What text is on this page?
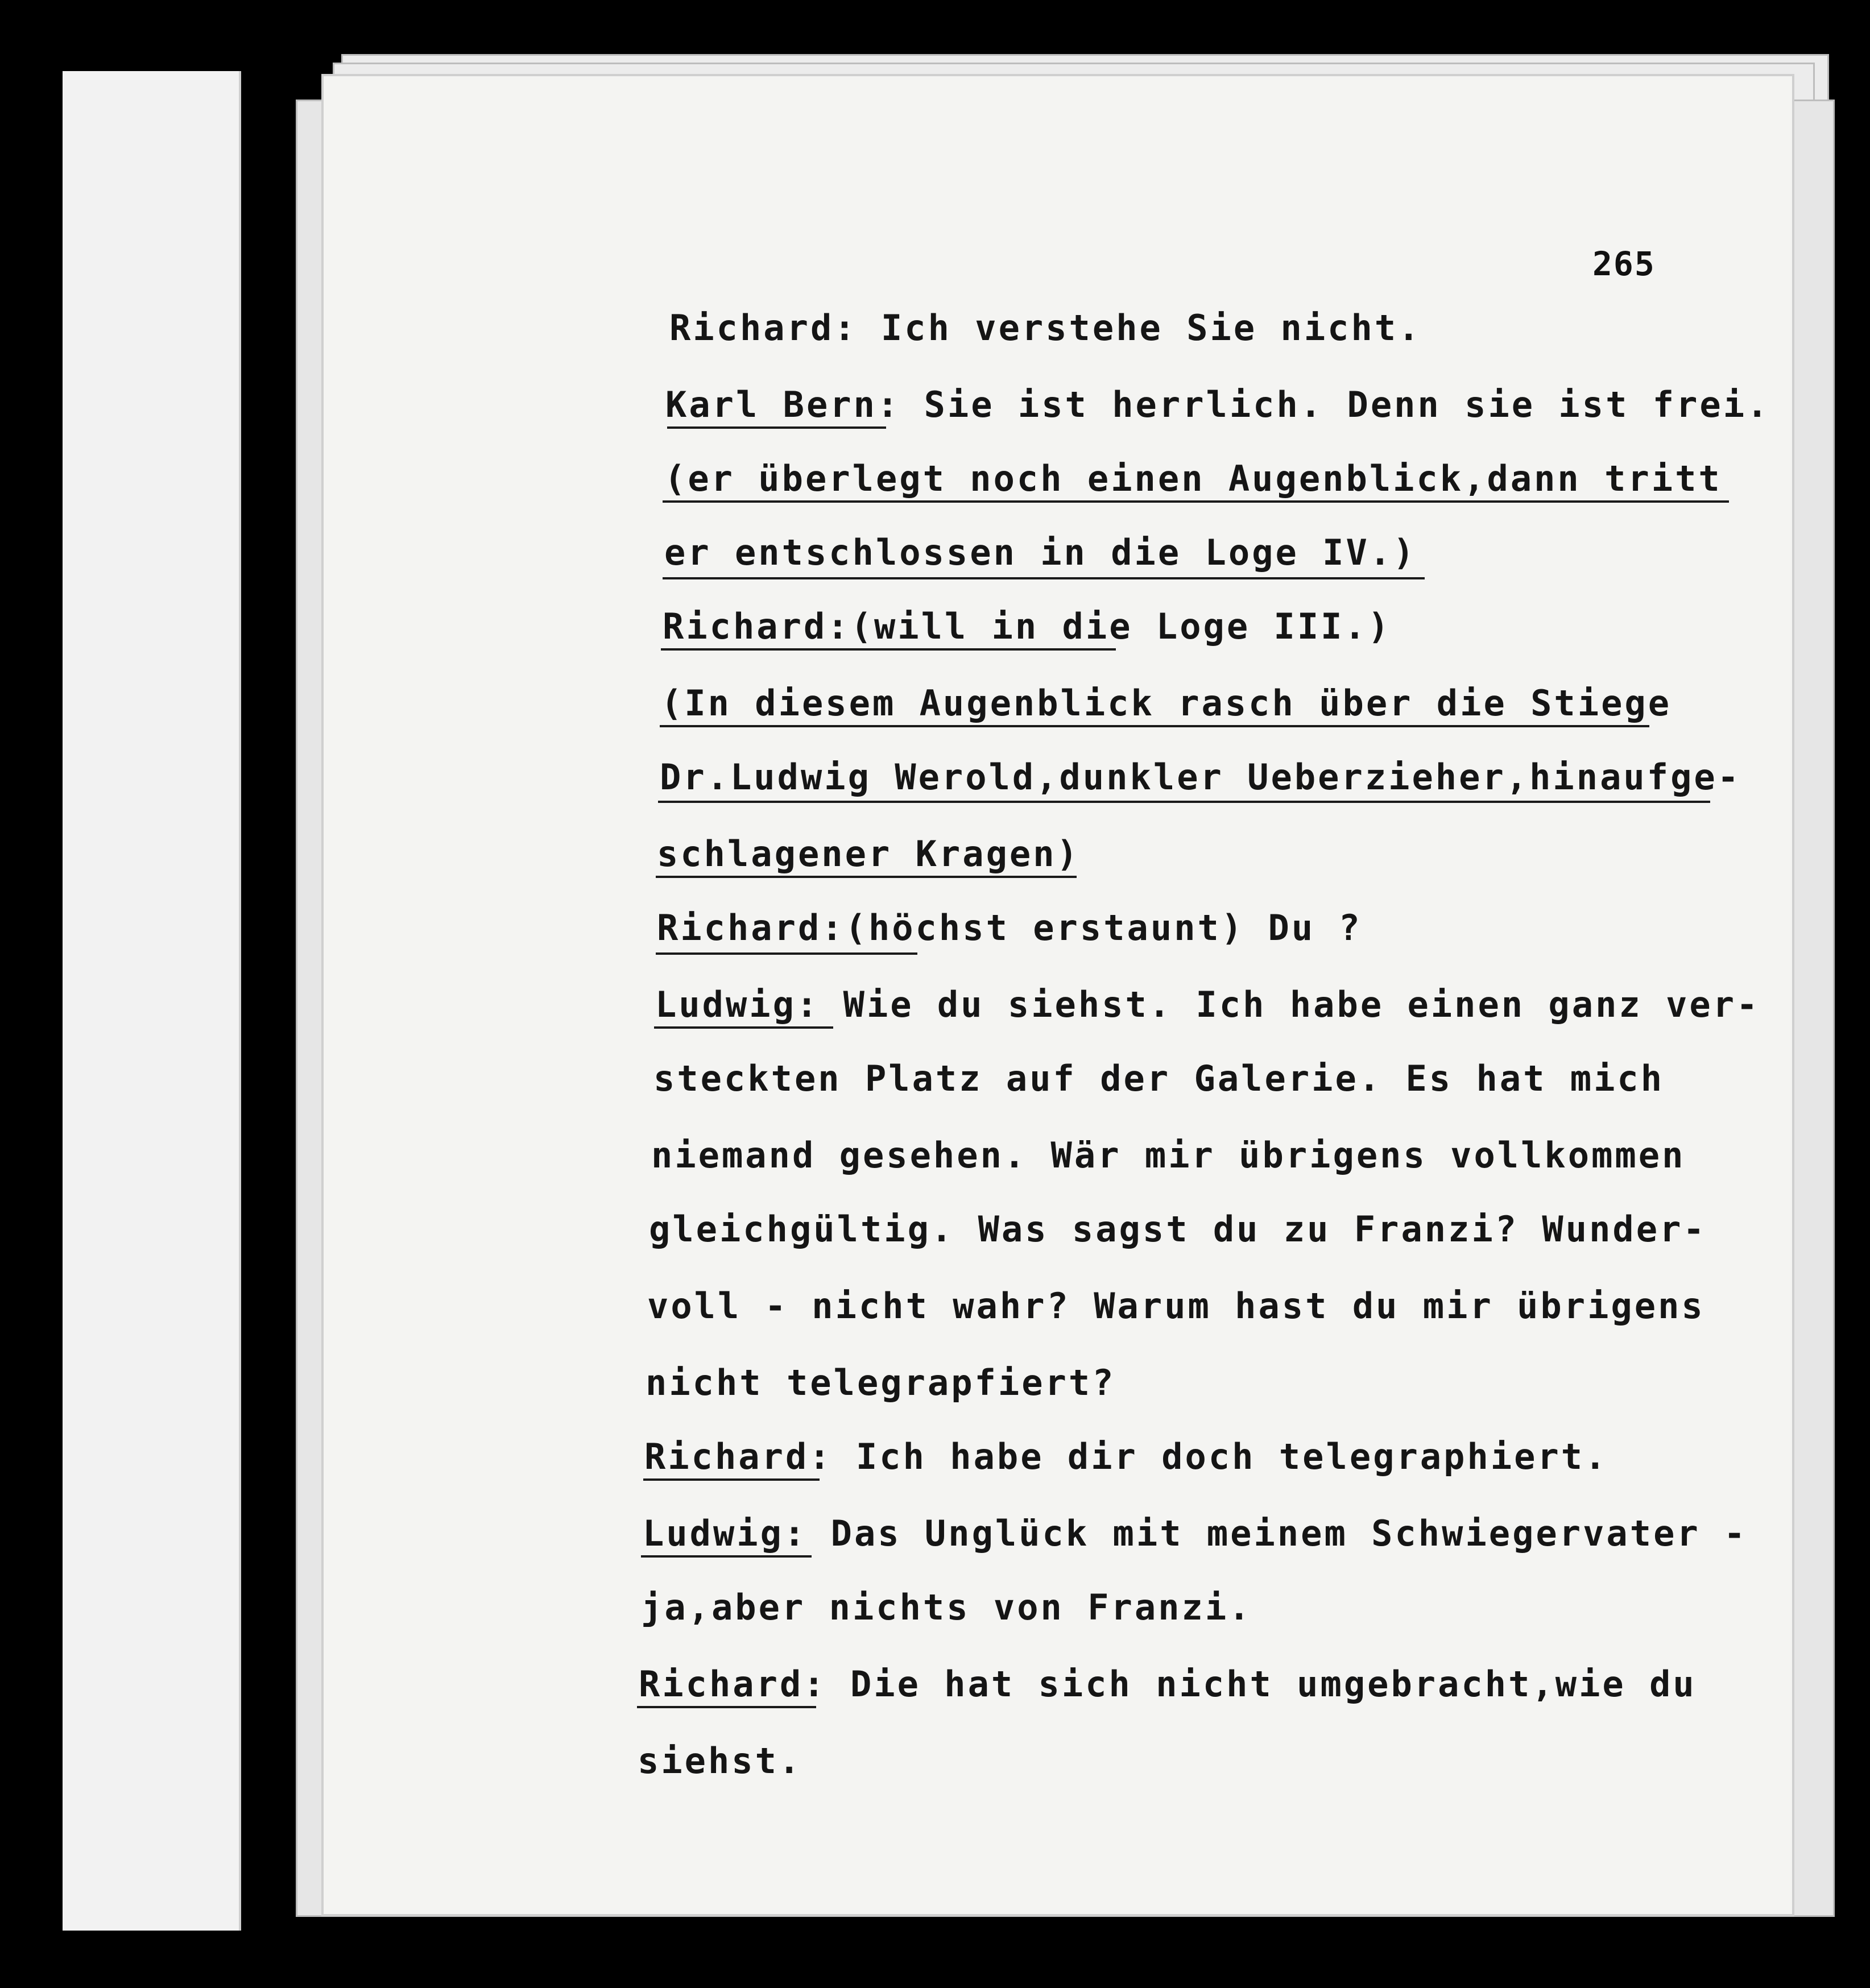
265
Richard: Ich verstehe Sie nicht.
Karl Bern: Sie ist herrlich. Denn sie ist frei.
(er überlegt noch einen Augenblick,dann tritt
er entschlossen in die Loge IV.)
Richard:(will in die Loge III.)
(In diesem Augenblick rasch über die Stiege
Dr.Ludwig Werold,dunkler Ueberzieher,hinaufge-
schlagener Kragen)
Richard:(höchst erstaunt) Du ?
Ludwig: Wie du siehst. Ich habe einen ganz ver-
steckten Platz auf der Galerie. Es hat mich
niemand gesehen. Wär mir übrigens vollkommen
gleichgültig. Was sagst du zu Franzi? Wunder-
voll - nicht wahr? Warum hast du mir übrigens
nicht telegrapfiert?
Richard: Ich habe dir doch telegraphiert.
Ludwig: Das Unglück mit meinem Schwiegervater -
ja,aber nichts von Franzi.
Richard: Die hat sich nicht umgebracht,wie du
siehst.
